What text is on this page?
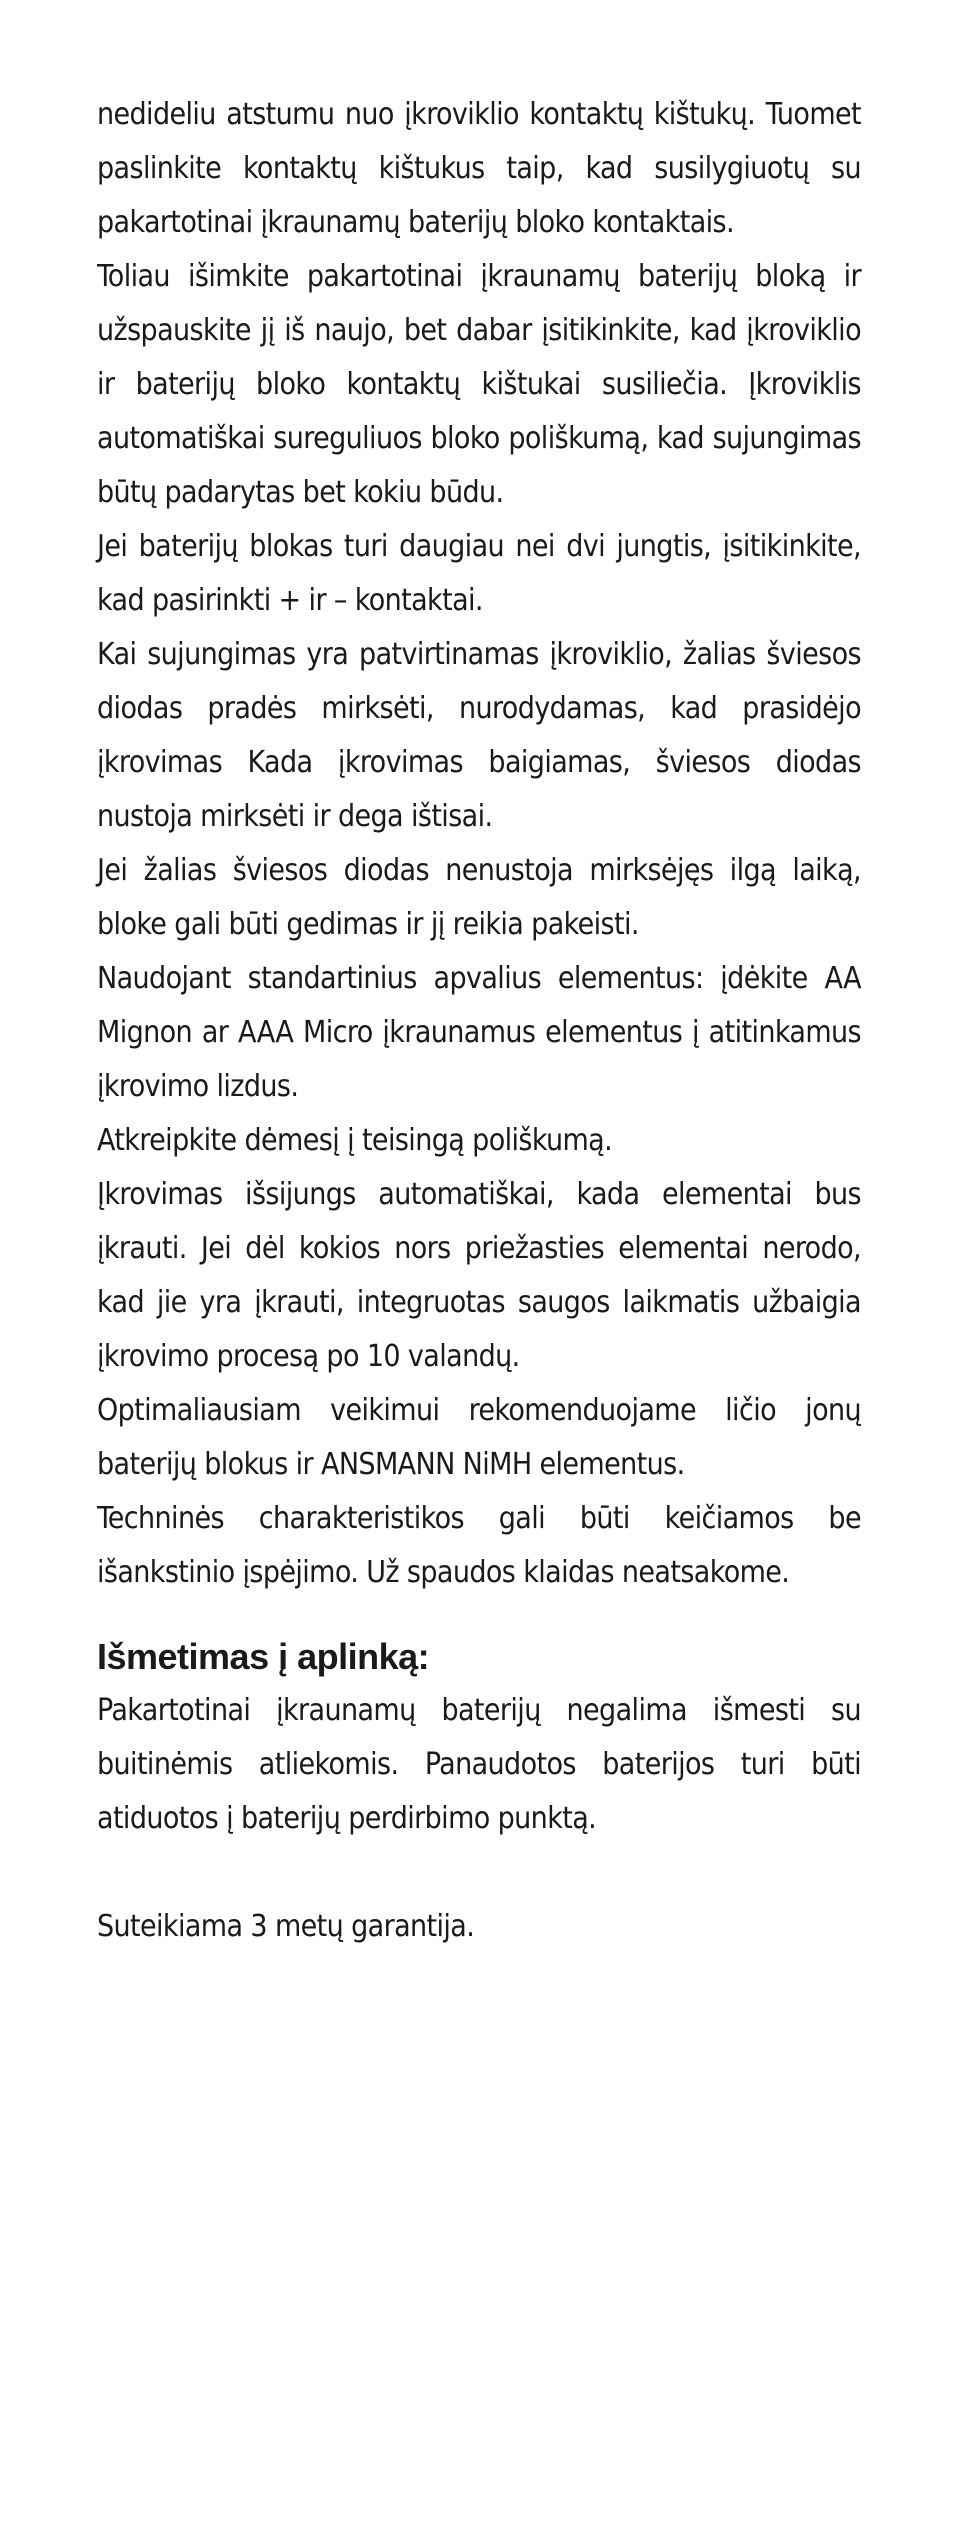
nedideliu atstumu nuo įkroviklio kontaktų kištukų. Tuomet paslinkite kontaktų kištukus taip, kad susilygiuotų su pakartotinai įkraunamų baterijų bloko kontaktais.

Toliau išimkite pakartotinai įkraunamų baterijų bloką ir užspauskite jį iš naujo, bet dabar įsitikinkite, kad įkroviklio ir baterijų bloko kontaktų kištukai susiliečia. Įkroviklis automatiškai sureguliuos bloko poliškumą, kad sujungimas būtų padarytas bet kokiu būdu.

Jei baterijų blokas turi daugiau nei dvi jungtis, įsitikinkite, kad pasirinkti + ir – kontaktai.

Kai sujungimas yra patvirtinamas įkroviklio, žalias šviesos diodas pradės mirksėti, nurodydamas, kad prasidėjo įkrovimas Kada įkrovimas baigiamas, šviesos diodas nustoja mirksėti ir dega ištisai.

Jei žalias šviesos diodas nenustoja mirksėjęs ilgą laiką, bloke gali būti gedimas ir jį reikia pakeisti.

Naudojant standartinius apvalius elementus: įdėkite AA Mignon ar AAA Micro įkraunamus elementus į atitinkamus įkrovimo lizdus.

Atkreipkite dėmesį į teisingą poliškumą.

Įkrovimas išsijungs automatiškai, kada elementai bus įkrauti. Jei dėl kokios nors priežasties elementai nerodo, kad jie yra įkrauti, integruotas saugos laikmatis užbaigia įkrovimo procesą po 10 valandų.

Optimaliausiam veikimui rekomenduojame ličio jonų baterijų blokus ir ANSMANN NiMH elementus.

Techninės charakteristikos gali būti keičiamos be išankstinio įspėjimo. Už spaudos klaidas neatsakome.

Išmetimas į aplinką:

Pakartotinai įkraunamų baterijų negalima išmesti su buitinėmis atliekomis. Panaudotos baterijos turi būti atiduotos į baterijų perdirbimo punktą.

Suteikiama 3 metų garantija.
